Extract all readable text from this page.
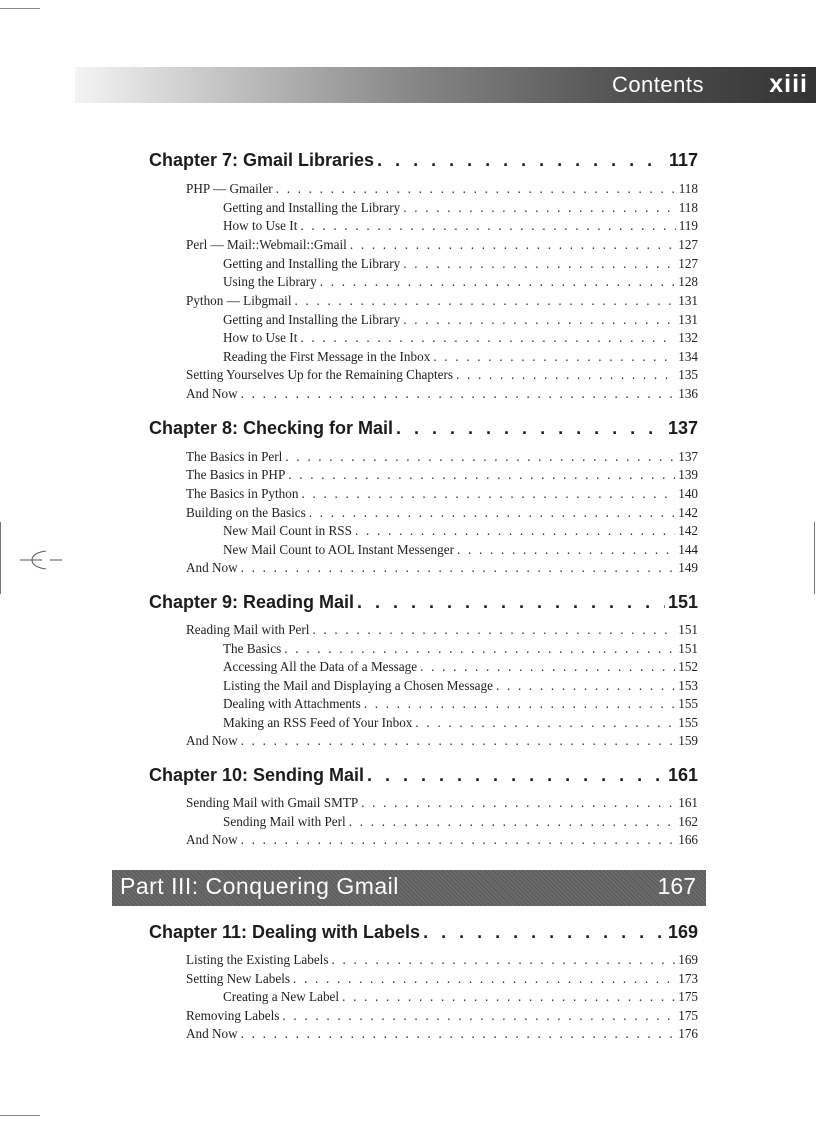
Contents	xiii
Chapter 7: Gmail Libraries . . .	117
PHP — Gmailer . . .	118
Getting and Installing the Library . . .	118
How to Use It . . .	119
Perl — Mail::Webmail::Gmail . . .	127
Getting and Installing the Library . . .	127
Using the Library . . .	128
Python — Libgmail . . .	131
Getting and Installing the Library . . .	131
How to Use It . . .	132
Reading the First Message in the Inbox . . .	134
Setting Yourselves Up for the Remaining Chapters . . .	135
And Now . . .	136
Chapter 8: Checking for Mail . . .	137
The Basics in Perl . . .	137
The Basics in PHP . . .	139
The Basics in Python . . .	140
Building on the Basics . . .	142
New Mail Count in RSS . . .	142
New Mail Count to AOL Instant Messenger . . .	144
And Now . . .	149
Chapter 9: Reading Mail . . .	151
Reading Mail with Perl . . .	151
The Basics . . .	151
Accessing All the Data of a Message . . .	152
Listing the Mail and Displaying a Chosen Message . . .	153
Dealing with Attachments . . .	155
Making an RSS Feed of Your Inbox . . .	155
And Now . . .	159
Chapter 10: Sending Mail . . .	161
Sending Mail with Gmail SMTP . . .	161
Sending Mail with Perl . . .	162
And Now . . .	166
Part III: Conquering Gmail	167
Chapter 11: Dealing with Labels . . .	169
Listing the Existing Labels . . .	169
Setting New Labels . . .	173
Creating a New Label . . .	175
Removing Labels . . .	175
And Now . . .	176
